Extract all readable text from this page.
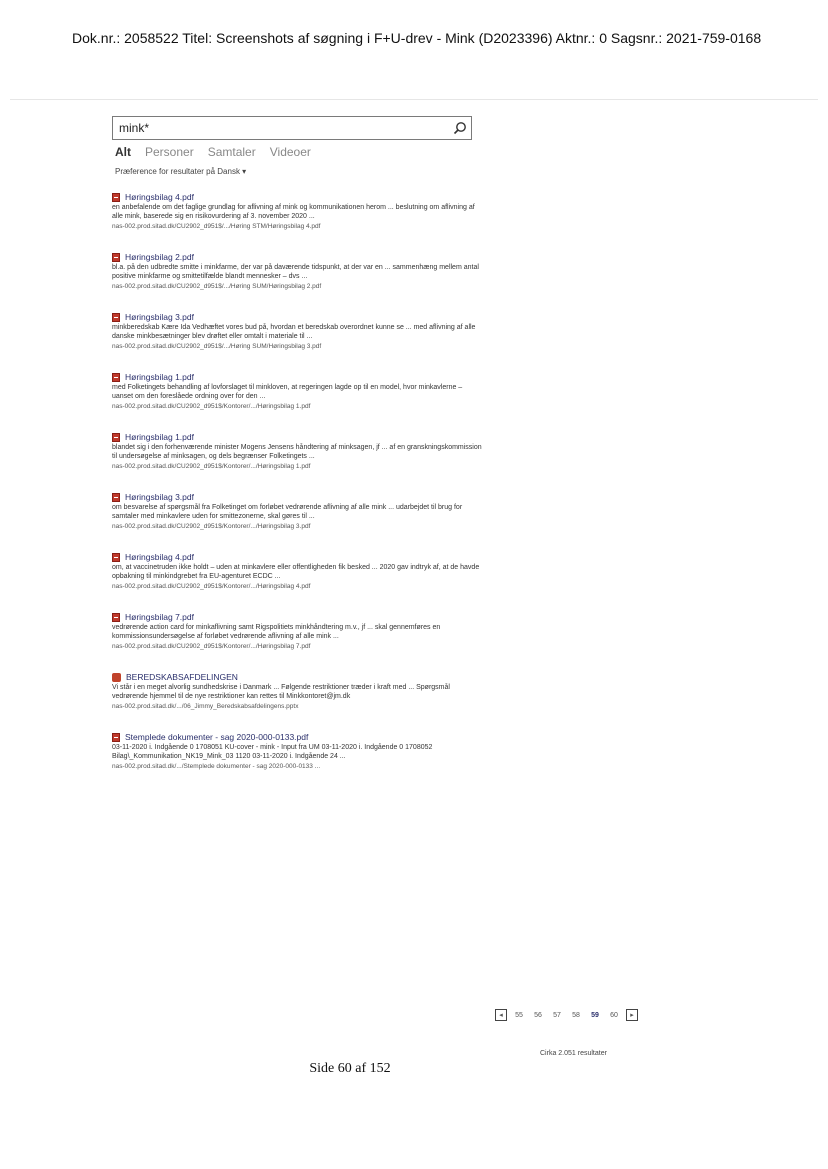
Dok.nr.: 2058522 Titel: Screenshots af søgning i F+U-drev - Mink (D2023396) Aktnr.: 0 Sagsnr.: 2021-759-0168
mink*
Alt Personer Samtaler Videoer
Præference for resultater på Dansk ▾
Høringsbilag 4.pdf
en anbefalende om det faglige grundlag for aflivning af mink og kommunikationen herom ... beslutning om aflivning af alle mink, baserede sig en risikovurdering af 3. november 2020 ...
nas-002.prod.sitad.dk/CU2902_d951$/.../Høring STM/Høringsbilag 4.pdf
Høringsbilag 2.pdf
bl.a. på den udbredte smitte i minkfarme, der var på daværende tidspunkt, at der var en ... sammenhæng mellem antal positive minkfarme og smittetilfælde blandt mennesker – dvs ...
nas-002.prod.sitad.dk/CU2902_d951$/.../Høring SUM/Høringsbilag 2.pdf
Høringsbilag 3.pdf
minkberedskab Kære Ida Vedhæftet vores bud på, hvordan et beredskab overordnet kunne se ... med aflivning af alle danske minkbesætninger blev drøftet eller omtalt i materiale til ...
nas-002.prod.sitad.dk/CU2902_d951$/.../Høring SUM/Høringsbilag 3.pdf
Høringsbilag 1.pdf
med Folketingets behandling af lovforslaget til minkloven, at regeringen lagde op til en model, hvor minkavlerne – uanset om den foreslåede ordning over for den ...
nas-002.prod.sitad.dk/CU2902_d951$/Kontorer/.../Høringsbilag 1.pdf
Høringsbilag 1.pdf
blandet sig i den forhenværende minister Mogens Jensens håndtering af minksagen, jf ... af en granskningskommission til undersøgelse af minksagen, og dels begrænser Folketingets ...
nas-002.prod.sitad.dk/CU2902_d951$/Kontorer/.../Høringsbilag 1.pdf
Høringsbilag 3.pdf
om besvarelse af spørgsmål fra Folketinget om forløbet vedrørende aflivning af alle mink ... udarbejdet til brug for samtaler med minkavlere uden for smittezonerne, skal gøres til ...
nas-002.prod.sitad.dk/CU2902_d951$/Kontorer/.../Høringsbilag 3.pdf
Høringsbilag 4.pdf
om, at vaccinetruden ikke holdt – uden at minkavlere eller offentligheden fik besked ... 2020 gav indtryk af, at de havde opbakning til minkindgrebet fra EU-agenturet ECDC ...
nas-002.prod.sitad.dk/CU2902_d951$/Kontorer/.../Høringsbilag 4.pdf
Høringsbilag 7.pdf
vedrørende action card for minkaflivning samt Rigspolitiets minkhåndtering m.v., jf ... skal gennemføres en kommissionsundersøgelse af forløbet vedrørende aflivning af alle mink ...
nas-002.prod.sitad.dk/CU2902_d951$/Kontorer/.../Høringsbilag 7.pdf
BEREDSKABSAFDELINGEN
Vi står i en meget alvorlig sundhedskrise i Danmark ... Følgende restriktioner træder i kraft med ... Spørgsmål vedrørende hjemmel til de nye restriktioner kan rettes til Minkkontoret@jm.dk
nas-002.prod.sitad.dk/.../06_Jimmy_Beredskabsafdelingens.pptx
Stemplede dokumenter - sag 2020-000-0133.pdf
03-11-2020 i. Indgående 0 1708051 KU-cover - mink - Input fra UM 03-11-2020 i. Indgående 0 1708052 Bilag\_Kommunikation_NK19_Mink_03 1120 03-11-2020 i. Indgående 24 ...
nas-002.prod.sitad.dk/.../Stemplede dokumenter - sag 2020-000-0133 ...
◂	55	56	57	58	59	60	▸
Cirka 2.051 resultater
Side 60 af 152
